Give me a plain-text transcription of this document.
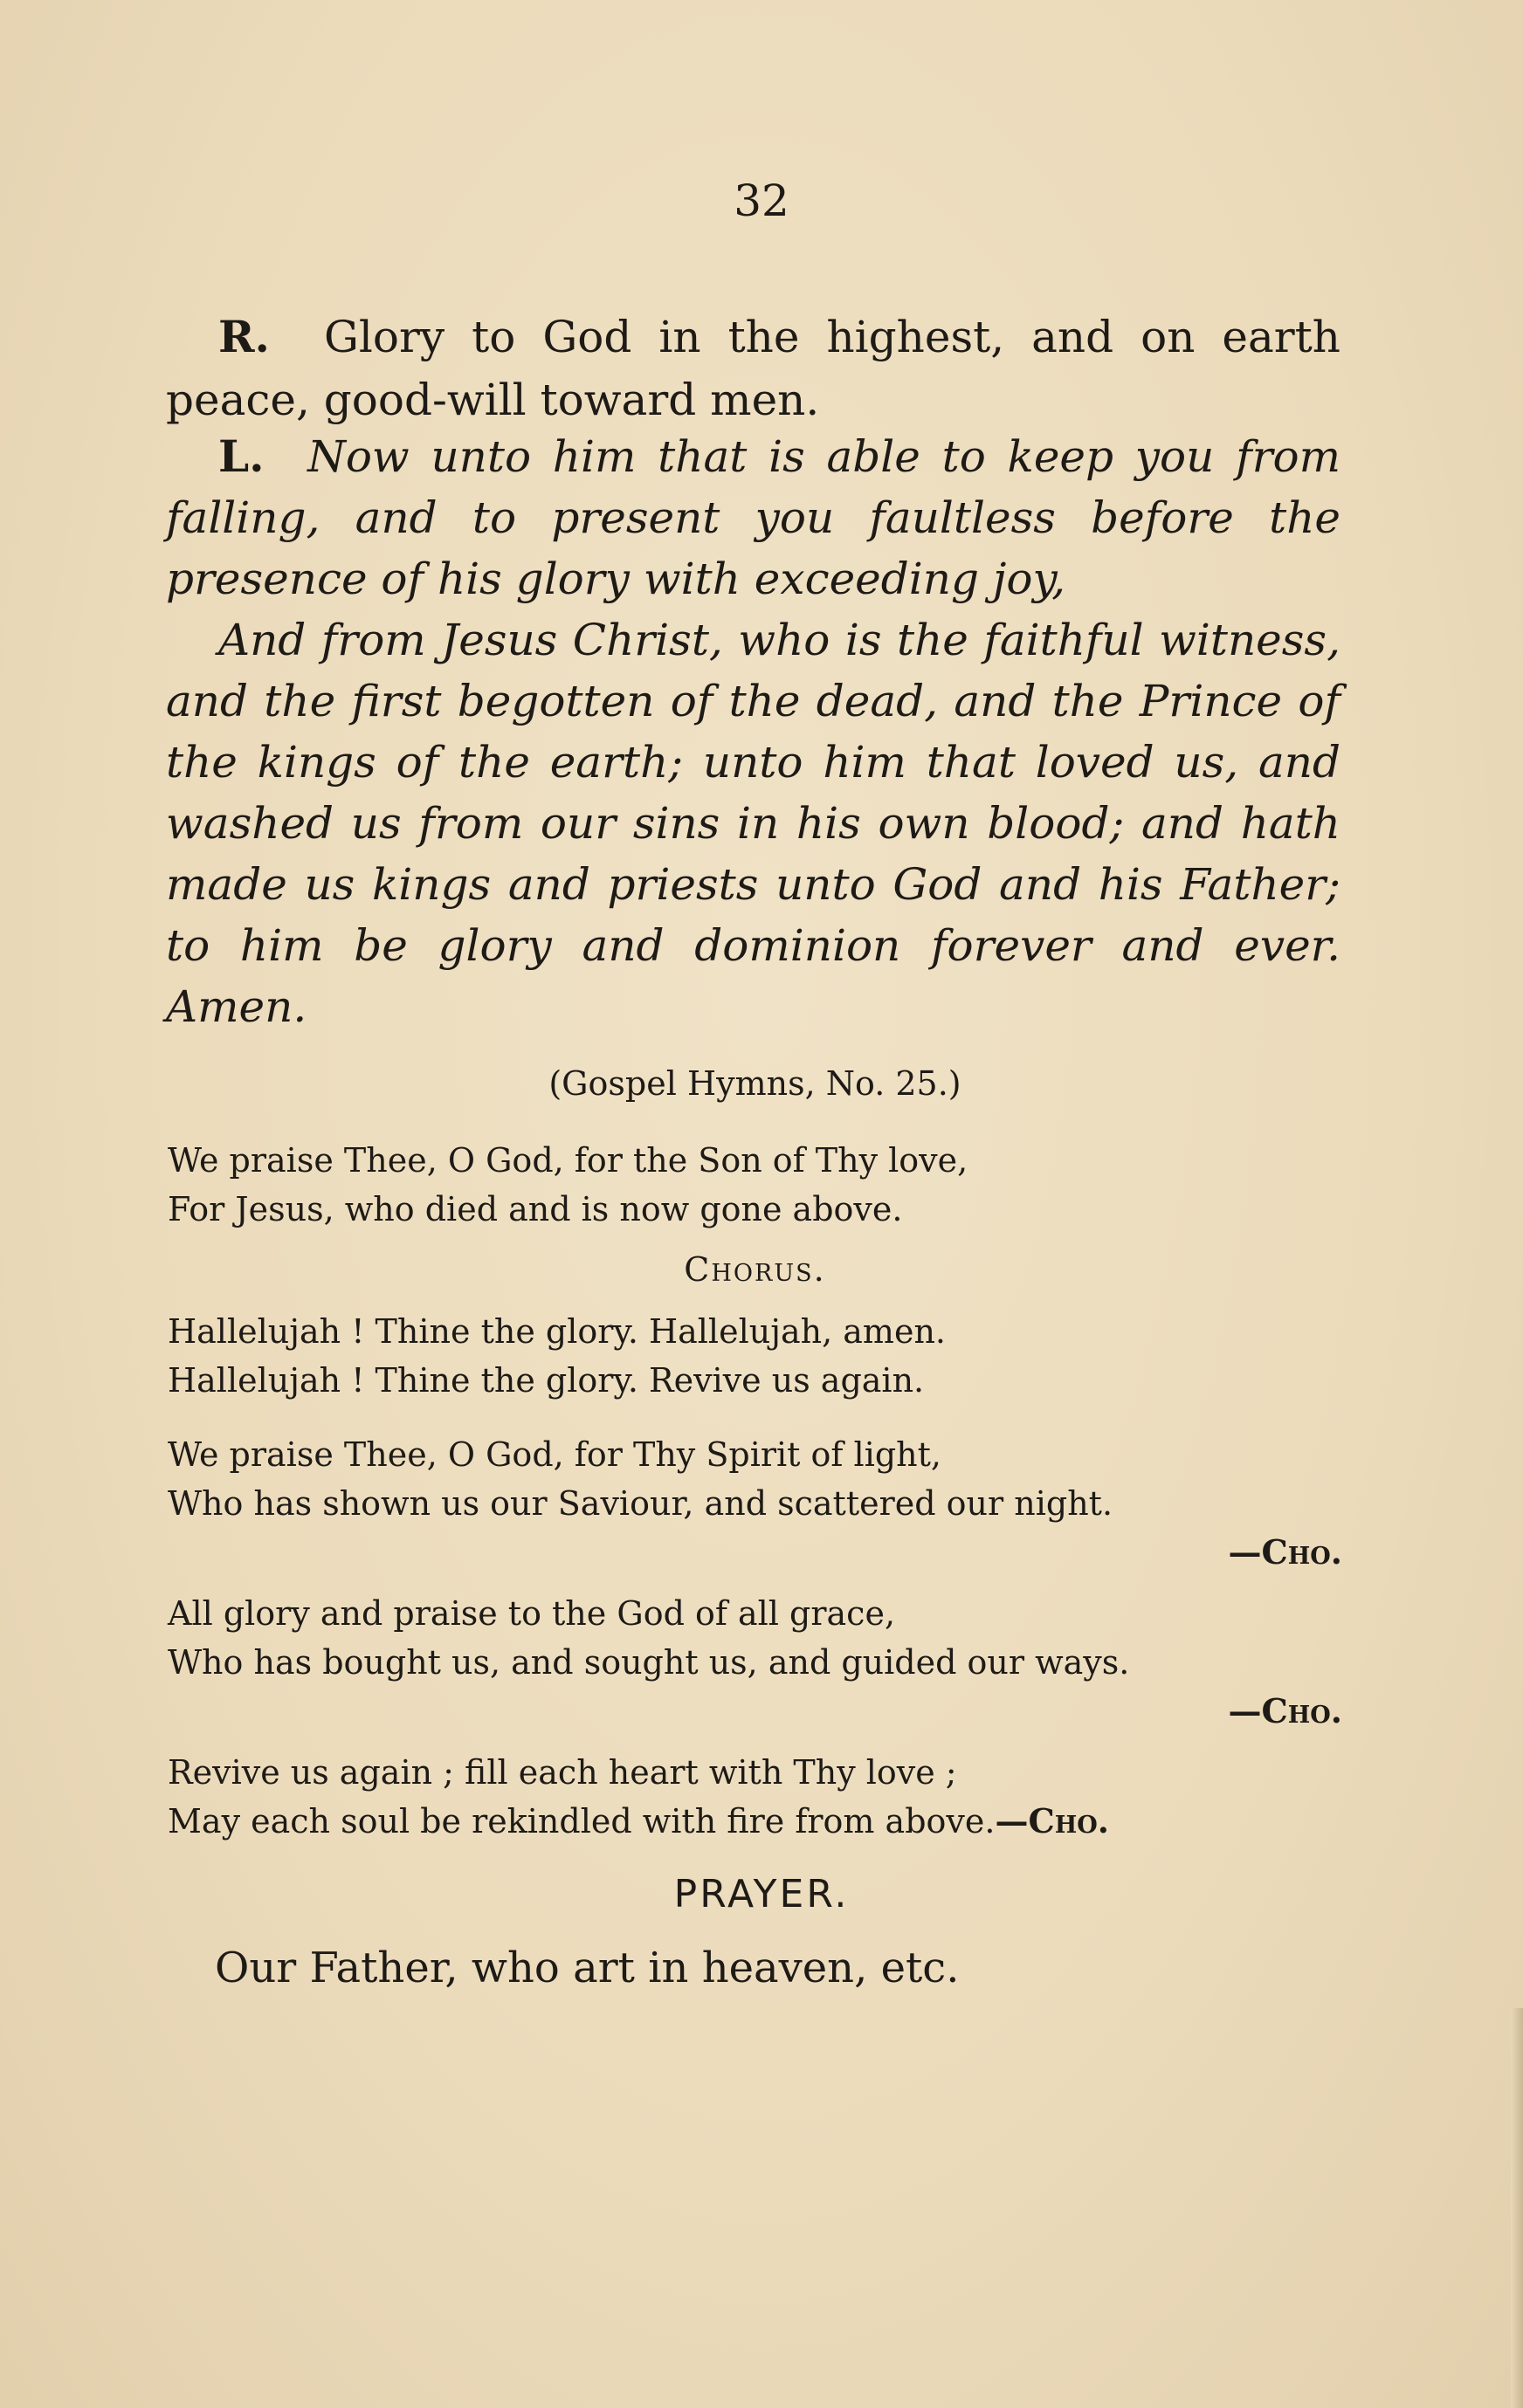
32

R. Glory to God in the highest, and on earth peace, good-will toward men.

L. Now unto him that is able to keep you from falling, and to present you faultless before the presence of his glory with exceeding joy,

And from Jesus Christ, who is the faithful witness, and the first begotten of the dead, and the Prince of the kings of the earth; unto him that loved us, and washed us from our sins in his own blood; and hath made us kings and priests unto God and his Father; to him be glory and dominion forever and ever. Amen.

(Gospel Hymns, No. 25.)
We praise Thee, O God, for the Son of Thy love,
For Jesus, who died and is now gone above.
Chorus.
Hallelujah ! Thine the glory. Hallelujah, amen.
Hallelujah ! Thine the glory. Revive us again.
We praise Thee, O God, for Thy Spirit of light,
Who has shown us our Saviour, and scattered our night.
—Cho.
All glory and praise to the God of all grace,
Who has bought us, and sought us, and guided our ways.
—Cho.
Revive us again ; fill each heart with Thy love ;
May each soul be rekindled with fire from above.—Cho.
PRAYER.
Our Father, who art in heaven, etc.
